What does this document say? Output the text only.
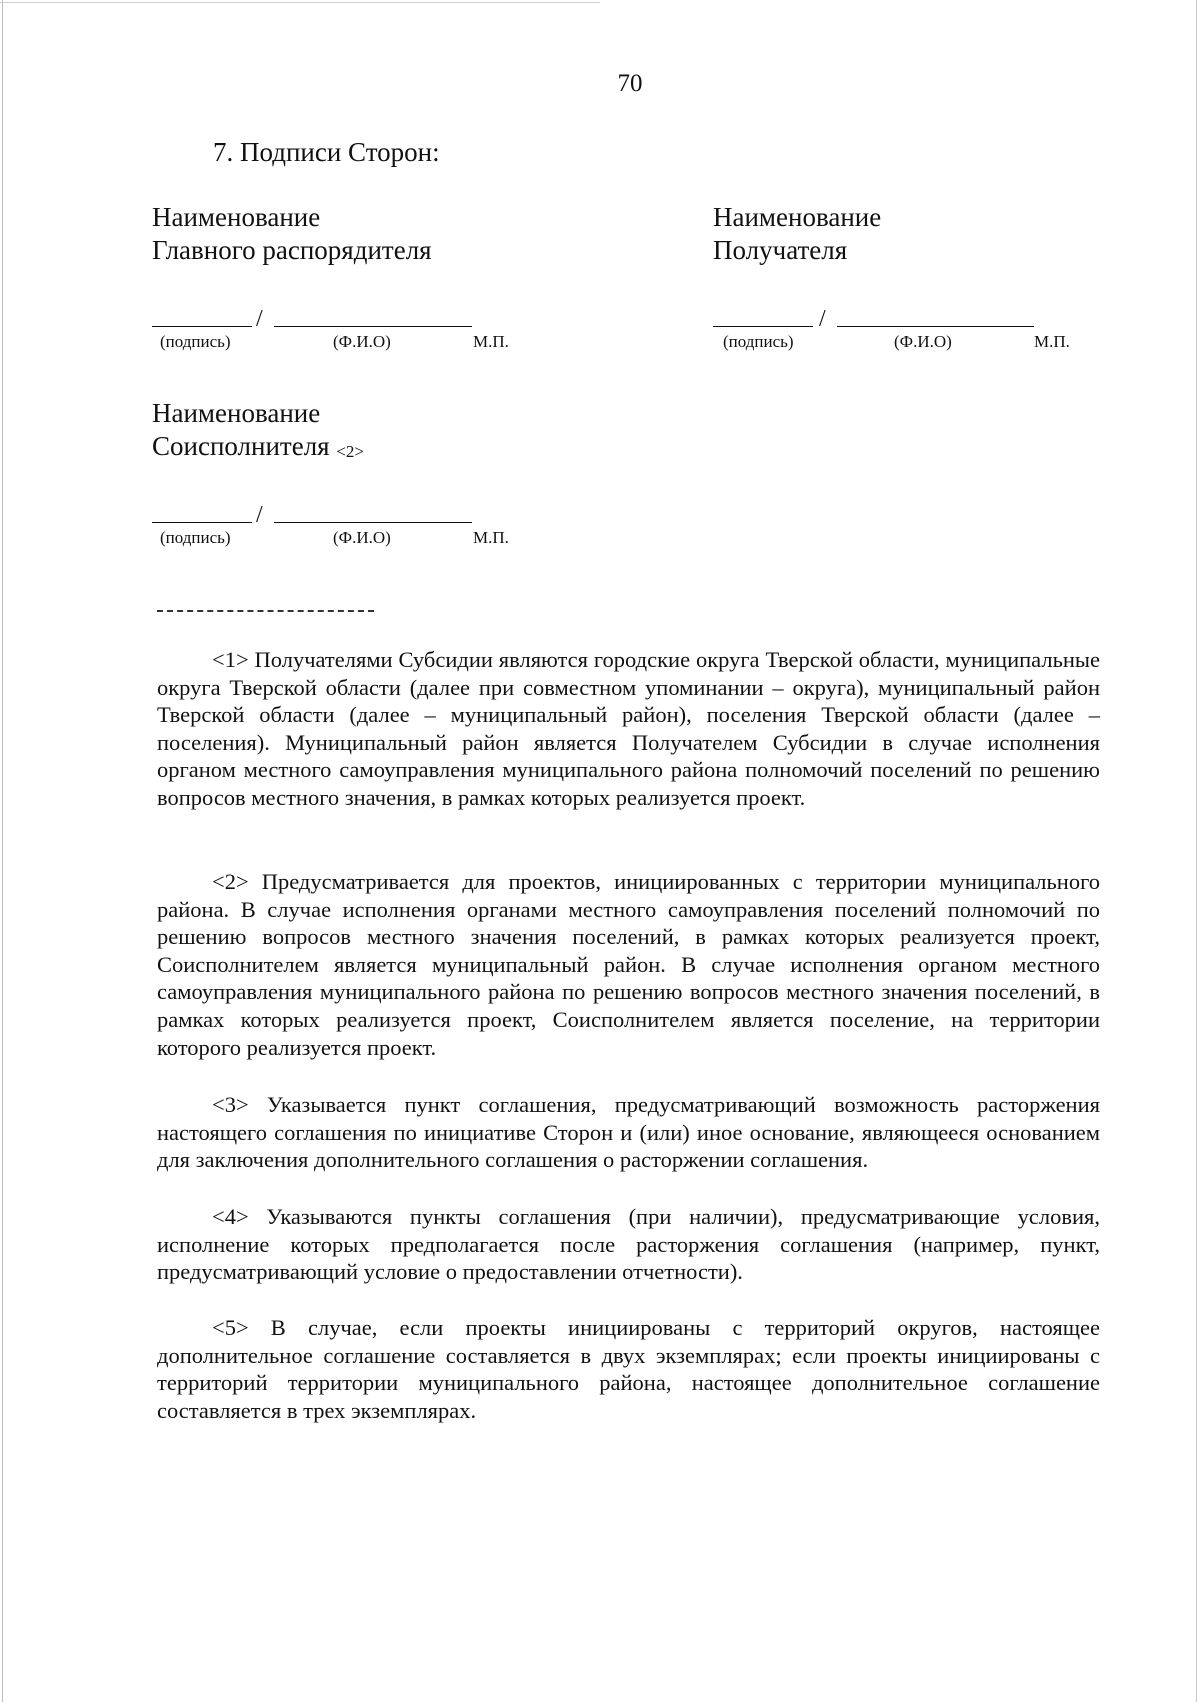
70
7. Подписи Сторон:
Наименование
Главного распорядителя
Наименование
Получателя
/
(подпись)	(Ф.И.О)	М.П.
/
(подпись)	(Ф.И.О)	М.П.
Наименование
Соисполнителя <2>
/
(подпись)	(Ф.И.О)	М.П.

<1> Получателями Субсидии являются городские округа Тверской области, муниципальные округа Тверской области (далее при совместном упоминании – округа), муниципальный район Тверской области (далее – муниципальный район), поселения Тверской области (далее – поселения). Муниципальный район является Получателем Субсидии в случае исполнения органом местного самоуправления муниципального района полномочий поселений по решению вопросов местного значения, в рамках которых реализуется проект.

<2> Предусматривается для проектов, инициированных с территории муниципального района. В случае исполнения органами местного самоуправления поселений полномочий по решению вопросов местного значения поселений, в рамках которых реализуется проект, Соисполнителем является муниципальный район. В случае исполнения органом местного самоуправления муниципального района по решению вопросов местного значения поселений, в рамках которых реализуется проект, Соисполнителем является поселение, на территории которого реализуется проект.

<3> Указывается пункт соглашения, предусматривающий возможность расторжения настоящего соглашения по инициативе Сторон и (или) иное основание, являющееся основанием для заключения дополнительного соглашения о расторжении соглашения.

<4> Указываются пункты соглашения (при наличии), предусматривающие условия, исполнение которых предполагается после расторжения соглашения (например, пункт, предусматривающий условие о предоставлении отчетности).

<5> В случае, если проекты инициированы с территорий округов, настоящее дополнительное соглашение составляется в двух экземплярах; если проекты инициированы с территорий территории муниципального района, настоящее дополнительное соглашение составляется в трех экземплярах.
